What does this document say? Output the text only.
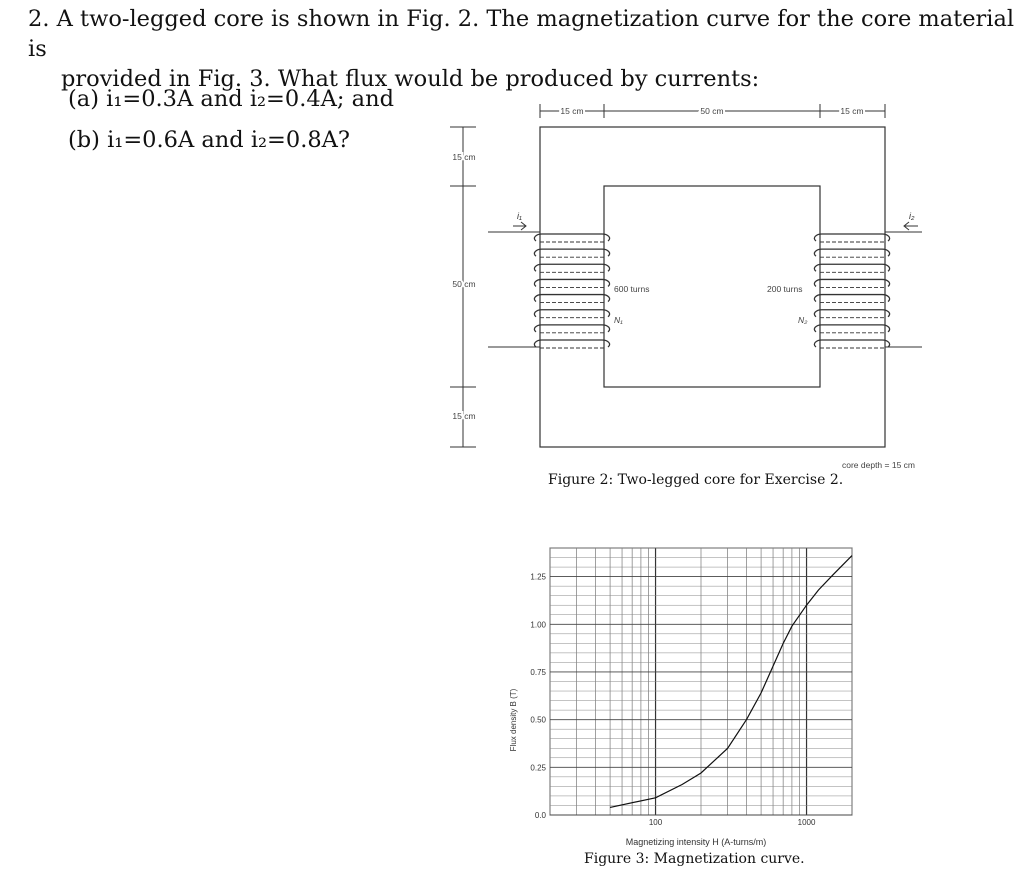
2. A two-legged core is shown in Fig. 2. The magnetization curve for the core material is
provided in Fig. 3. What flux would be produced by currents:
(a) i₁=0.3A and i₂=0.4A; and
(b) i₁=0.6A and i₂=0.8A?
15 cm	50 cm	15 cm
15 cm
50 cm
15 cm
i₁
600 turns
N₁
i₂
200 turns
N₂
core depth = 15 cm
Figure 2: Two-legged core for Exercise 2.
0.0
0.25
0.50
0.75
1.00
1.25
100	1000
Flux density B (T)
Magnetizing intensity H (A-turns/m)
Figure 3: Magnetization curve.
